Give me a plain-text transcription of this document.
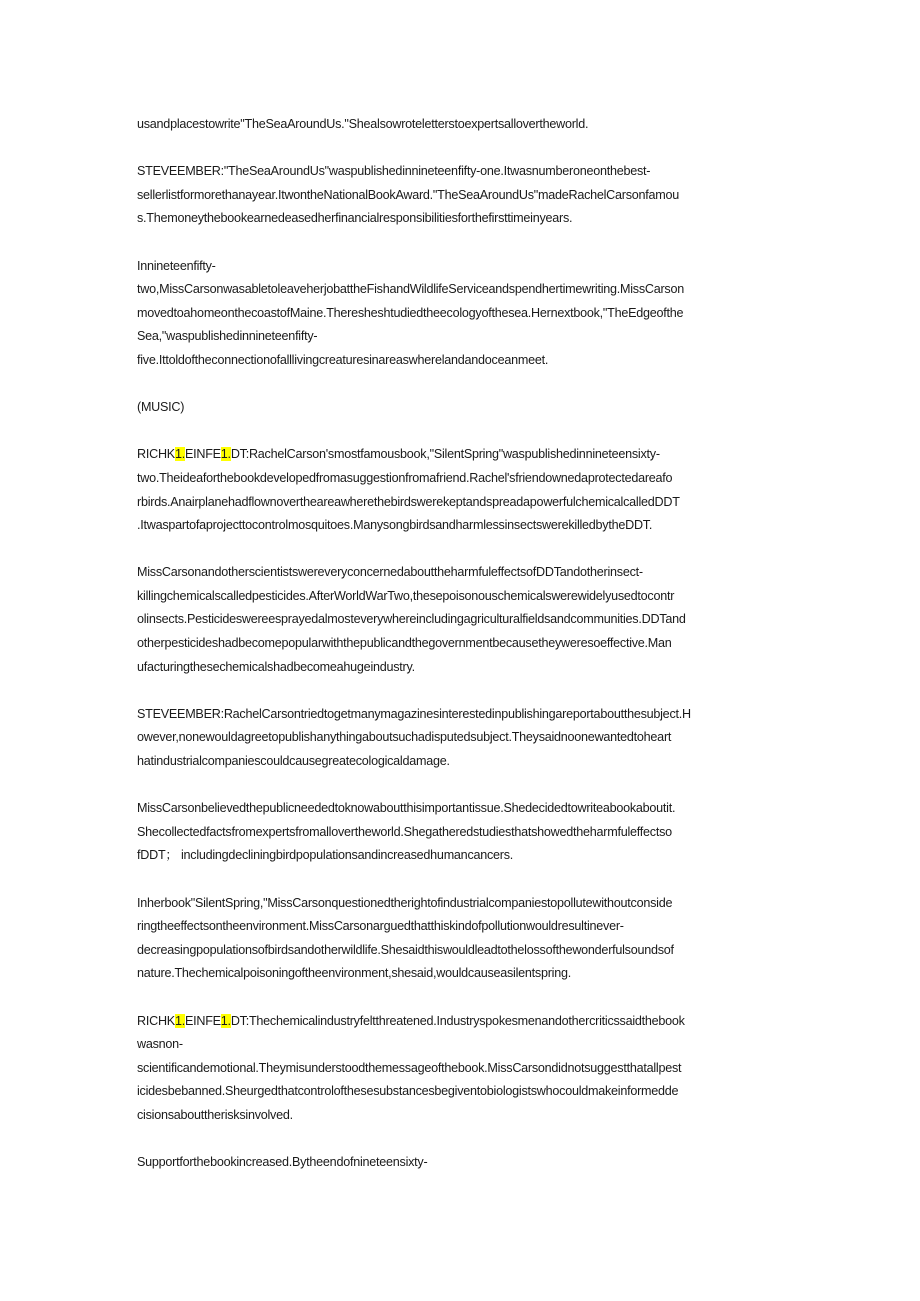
usandplacestowrite"TheSeaAroundUs."Shealsowroteletterstoexpertsallovertheworld.

STEVEEMBER:"TheSeaAroundUs"waspublishedinnineteenfifty-one.Itwasnumberoneonthebest-
sellerlistformorethanayear.ItwontheNationalBookAward."TheSeaAroundUs"madeRachelCarsonfamou
s.Themoneythebookearnedeasedherfinancialresponsibilitiesforthefirsttimeinyears.

Innineteenfifty-
two,MissCarsonwasabletoleaveherjobattheFishandWildlifeServiceandspendhertimewriting.MissCarson
movedtoahomeonthecoastofMaine.Theresheshtudiedtheecologyofthesea.Hernextbook,"TheEdgeofthe
Sea,"waspublishedinnineteenfifty-
five.Ittoldoftheconnectionofalllivingcreaturesinareaswherelandandoceanmeet.

(MUSIC)

RICHK1.EINFE1.DT:RachelCarson'smostfamousbook,"SilentSpring"waspublishedinnineteensixty-
two.Theideaforthebookdevelopedfromasuggestionfromafriend.Rachel'sfriendownedaprotectedareafo
rbirds.AnairplanehadflownovertheareawherethebirdswerekeptandspreadapowerfulchemicalcalledDDT
.Itwaspartofaprojecttocontrolmosquitoes.ManysongbirdsandharmlessinsectswerekilledbytheDDT.

MissCarsonandotherscientistswereveryconcernedabouttheharmfuleffectsofDDTandotherinsect-
killingchemicalscalledpesticides.AfterWorldWarTwo,thesepoisonouschemicalswerewidelyusedtocontr
olinsects.Pesticideswereesprayedalmosteverywhereincludingagriculturalfieldsandcommunities.DDTand
otherpesticideshadbecomepopularwiththepublicandthegovernmentbecausetheyweresoeffective.Man
ufacturingthesechemicalshadbecomeahugeindustry.

STEVEEMBER:RachelCarsontriedtogetmanymagazinesinterestedinpublishingareportaboutthesubject.H
owever,nonewouldagreetopublishanythingaboutsuchadisputedsubject.Theysaidnoonewantedtoheart
hatindustrialcompaniescouldcausegreatecologicaldamage.

MissCarsonbelievedthepublicneededtoknowaboutthisimportantissue.Shedecidedtowriteabookaboutit.
Shecollectedfactsfromexpertsfromallovertheworld.Shegatheredstudiesthatshowedtheharmfuleffectso
fDDT； includingdecliningbirdpopulationsandincreasedhumancancers.

Inherbook"SilentSpring,"MissCarsonquestionedtherightofindustrialcompaniestopollutewithoutconside
ringtheeffectsontheenvironment.MissCarsonarguedthatthiskindofpollutionwouldresultinever-
decreasingpopulationsofbirdsandotherwildlife.Shesaidthiswouldleadtothelossofthewonderfulsoundsof
nature.Thechemicalpoisoningoftheenvironment,shesaid,wouldcauseasilentspring.

RICHK1.EINFE1.DT:Thechemicalindustryfeltthreatened.Industryspokesmenandothercriticssaidthebook
wasnon-
scientificandemotional.Theymisunderstoodthemessageofthebook.MissCarsondidnotsuggestthatallpest
icidesbebanned.Sheurgedthatcontrolofthesesubstancesbegiventobiologistswhocouldmakeinformedde
cisionsabouttherisksinvolved.

Supportforthebookincreased.Bytheendofnineteensixty-
